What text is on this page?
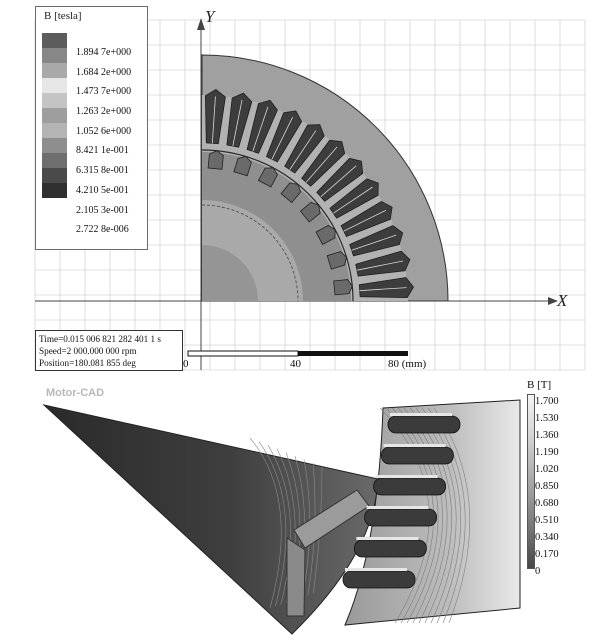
Y
X
B [tesla]
1.894 7e+000
1.684 2e+000
1.473 7e+000
1.263 2e+000
1.052 6e+000
8.421 1e-001
6.315 8e-001
4.210 5e-001
2.105 3e-001
2.722 8e-006
Time=0.015 006 821 282 401 1 s
Speed=2 000.000 000 rpm
Position=180.081 855 deg	0	40	80 (mm)
Motor-CAD
B [T]
1.700
1.530
1.360
1.190
1.020
0.850
0.680
0.510
0.340
0.170
0
